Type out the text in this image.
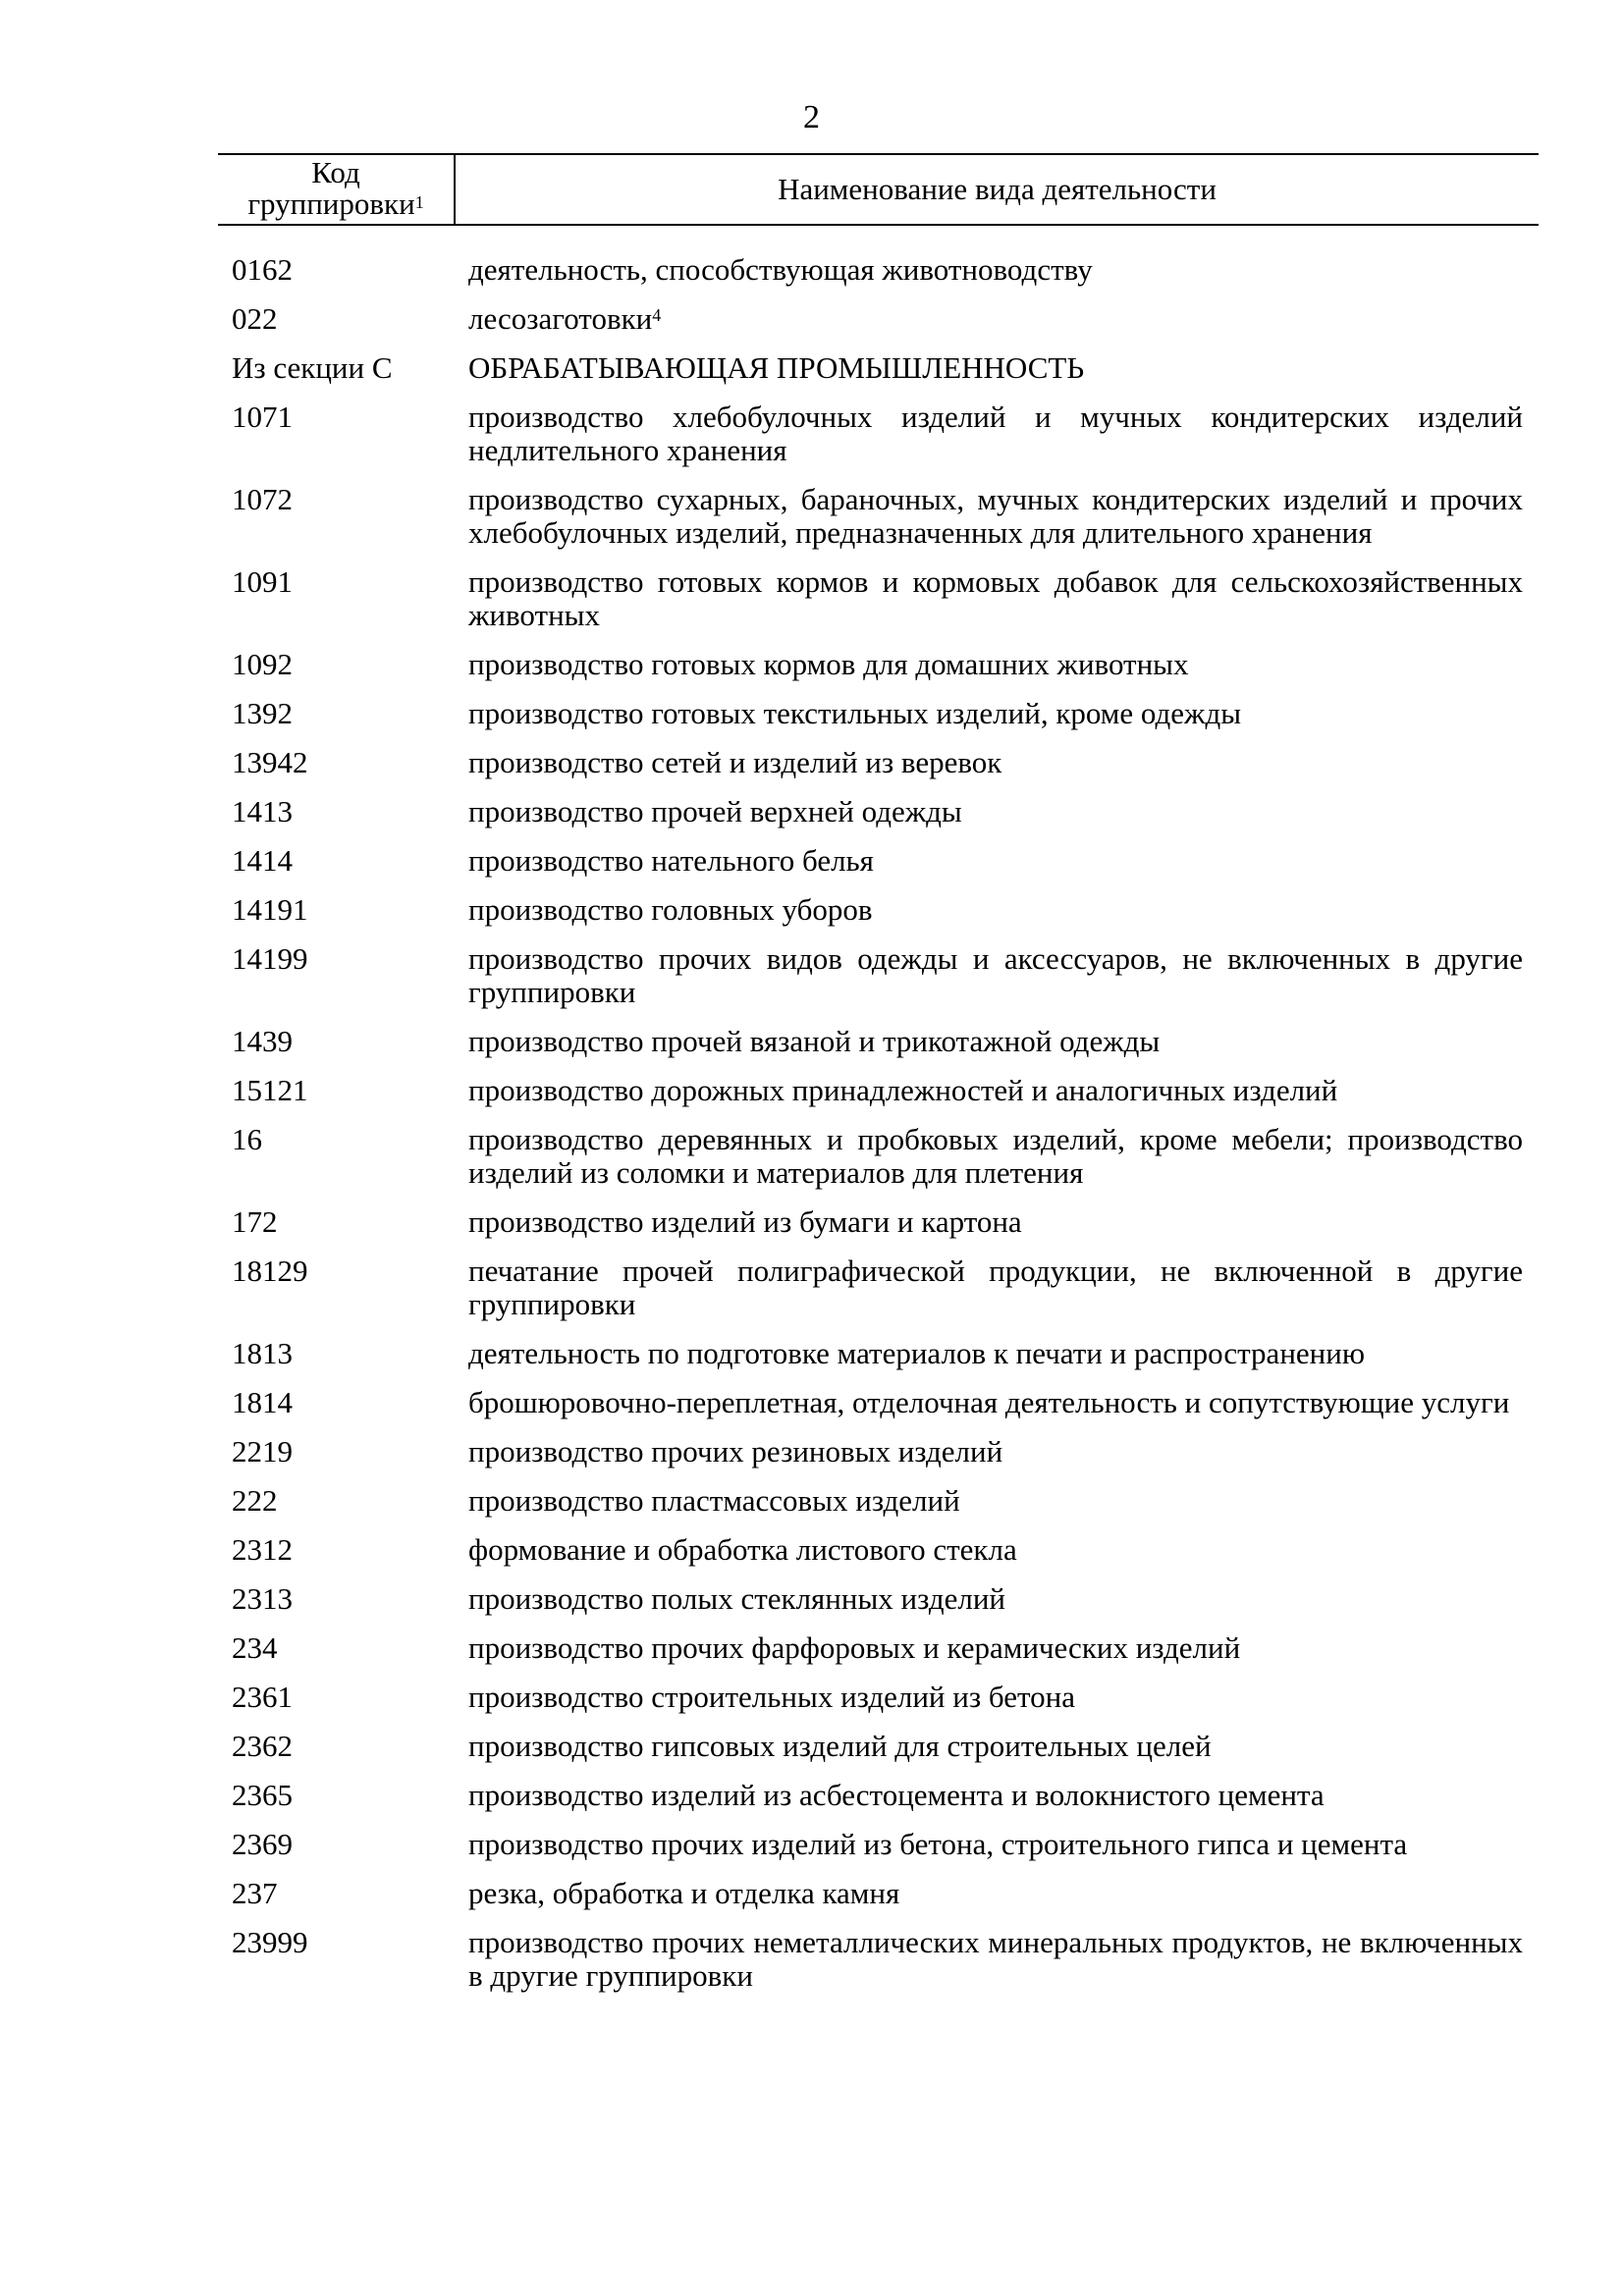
2
Код
группировки$^1$	Наименование вида деятельности
0162	деятельность, способствующая животноводству
022	лесозаготовки$^4$
Из секции С	ОБРАБАТЫВАЮЩАЯ ПРОМЫШЛЕННОСТЬ
1071	производство хлебобулочных изделий и мучных кондитерских изделий недлительного хранения
1072	производство сухарных, бараночных, мучных кондитерских изделий и прочих хлебобулочных изделий, предназначенных для длительного хранения
1091	производство готовых кормов и кормовых добавок для сельскохозяйственных животных
1092	производство готовых кормов для домашних животных
1392	производство готовых текстильных изделий, кроме одежды
13942	производство сетей и изделий из веревок
1413	производство прочей верхней одежды
1414	производство нательного белья
14191	производство головных уборов
14199	производство прочих видов одежды и аксессуаров, не включенных в другие группировки
1439	производство прочей вязаной и трикотажной одежды
15121	производство дорожных принадлежностей и аналогичных изделий
16	производство деревянных и пробковых изделий, кроме мебели; производство изделий из соломки и материалов для плетения
172	производство изделий из бумаги и картона
18129	печатание прочей полиграфической продукции, не включенной в другие группировки
1813	деятельность по подготовке материалов к печати и распространению
1814	брошюровочно-переплетная, отделочная деятельность и сопутствующие услуги
2219	производство прочих резиновых изделий
222	производство пластмассовых изделий
2312	формование и обработка листового стекла
2313	производство полых стеклянных изделий
234	производство прочих фарфоровых и керамических изделий
2361	производство строительных изделий из бетона
2362	производство гипсовых изделий для строительных целей
2365	производство изделий из асбестоцемента и волокнистого цемента
2369	производство прочих изделий из бетона, строительного гипса и цемента
237	резка, обработка и отделка камня
23999	производство прочих неметаллических минеральных продуктов, не включенных в другие группировки
